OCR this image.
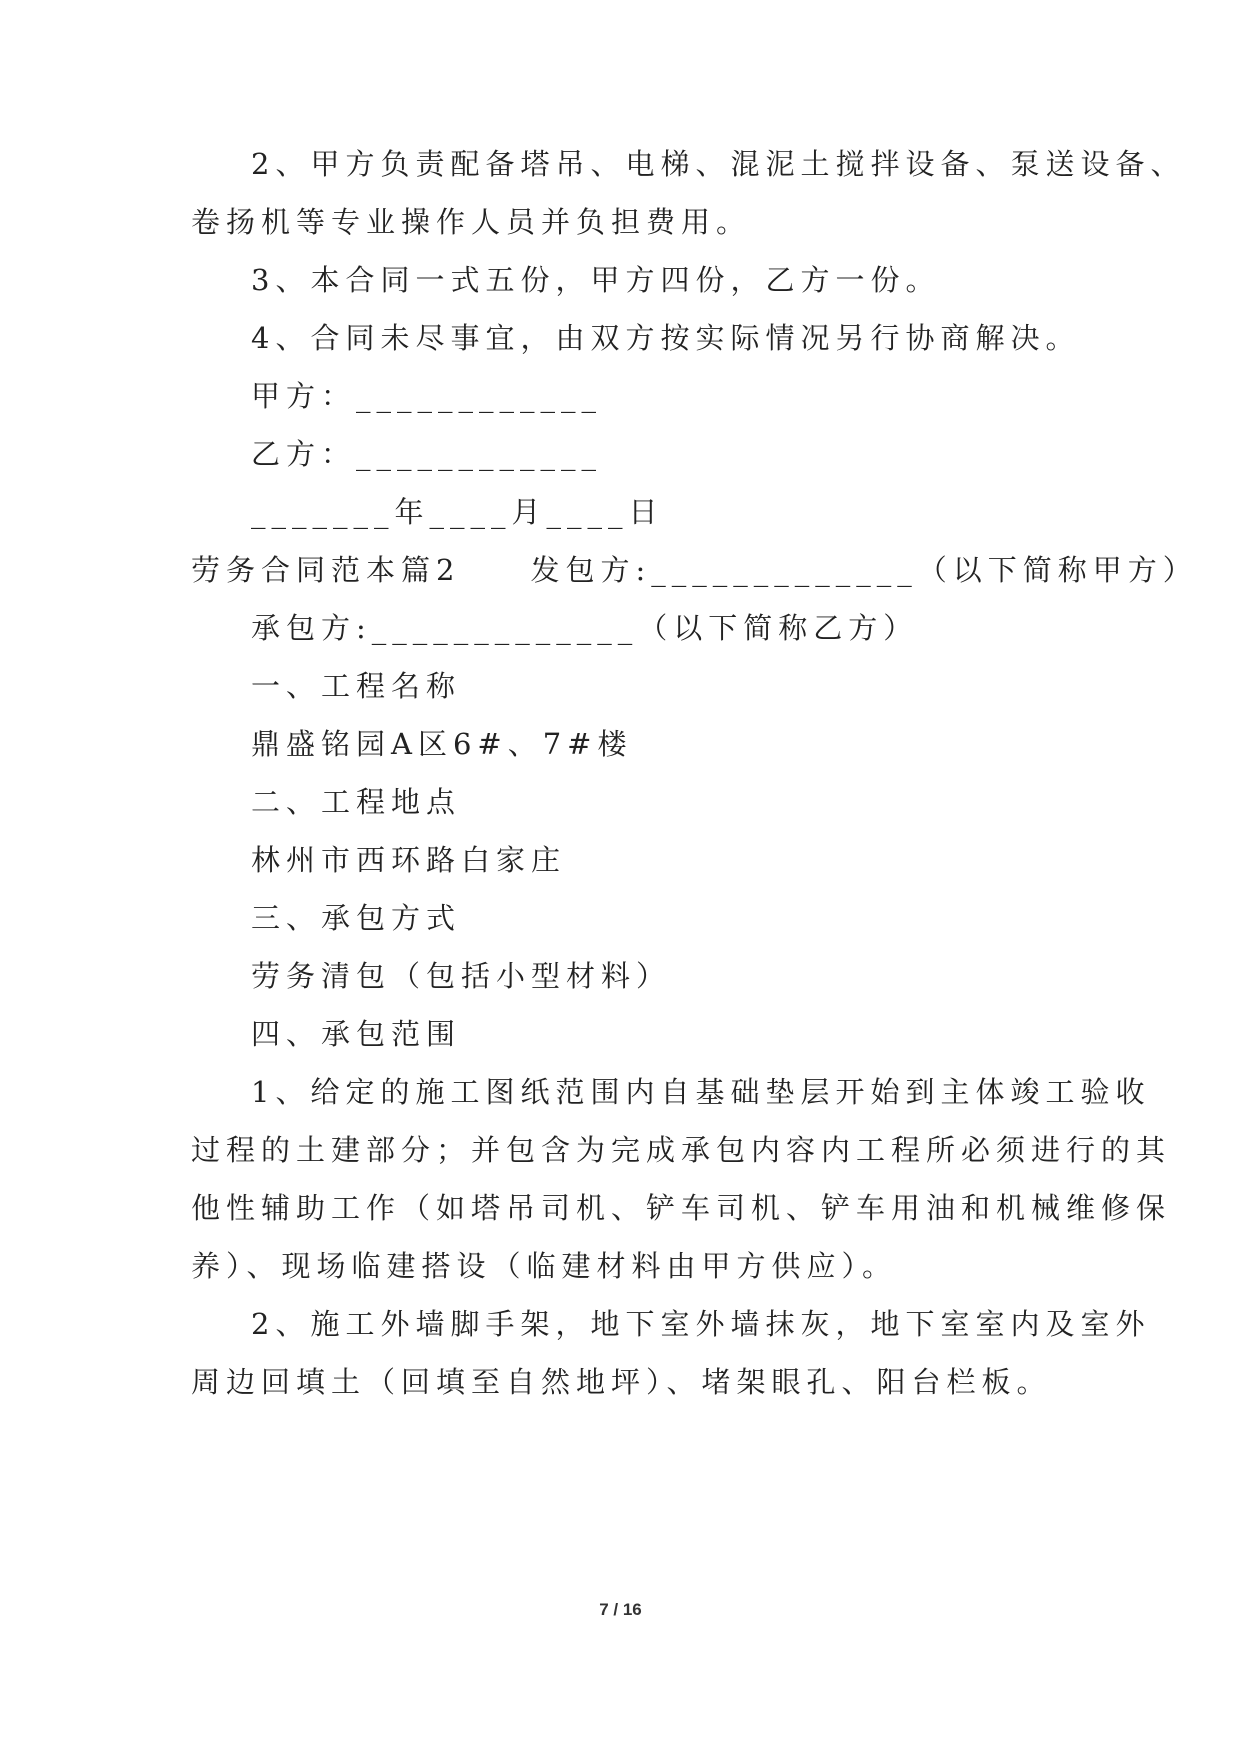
2、甲方负责配备塔吊、电梯、混泥土搅拌设备、泵送设备、
卷扬机等专业操作人员并负担费用。
3、本合同一式五份，甲方四份，乙方一份。
4、合同未尽事宜，由双方按实际情况另行协商解决。
甲方：____________
乙方：____________
_______年____月____日
劳务合同范本篇2　　发包方:_____________（以下简称甲方）
承包方:_____________（以下简称乙方）
一、工程名称
鼎盛铭园A区6#、7#楼
二、工程地点
林州市西环路白家庄
三、承包方式
劳务清包（包括小型材料）
四、承包范围
1、给定的施工图纸范围内自基础垫层开始到主体竣工验收
过程的土建部分；并包含为完成承包内容内工程所必须进行的其
他性辅助工作（如塔吊司机、铲车司机、铲车用油和机械维修保
养）、现场临建搭设（临建材料由甲方供应）。
2、施工外墙脚手架，地下室外墙抹灰，地下室室内及室外
周边回填土（回填至自然地坪）、堵架眼孔、阳台栏板。
7 / 16
